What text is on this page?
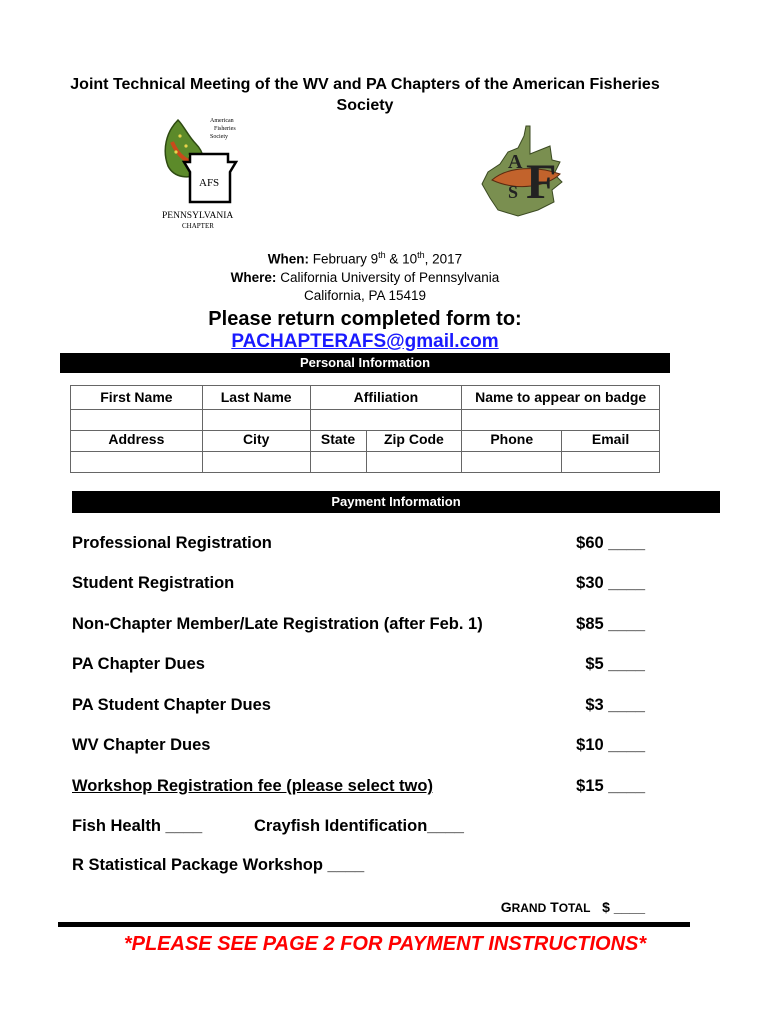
Joint Technical Meeting of the WV and PA Chapters of the American Fisheries Society
American
Fisheries
Society
AFS
PENNSYLVANIA
CHAPTER
A F
S
When: February 9th & 10th, 2017
Where: California University of Pennsylvania
California, PA 15419
Please return completed form to:
PACHAPTERAFS@gmail.com
Personal Information
First Name	Last Name	Affiliation		Name to appear on badge	

Address	City	State	Zip Code	Phone	Email

Payment Information
Professional Registration	$60 ____
Student Registration	$30 ____
Non-Chapter Member/Late Registration (after Feb. 1)	$85 ____
PA Chapter Dues	$5 ____
PA Student Chapter Dues	$3 ____
WV Chapter Dues	$10 ____
Workshop Registration fee (please select two)	$15 ____
Fish Health ____	Crayfish Identification____
R Statistical Package Workshop ____
GRAND TOTAL $ ____
*PLEASE SEE PAGE 2 FOR PAYMENT INSTRUCTIONS*
